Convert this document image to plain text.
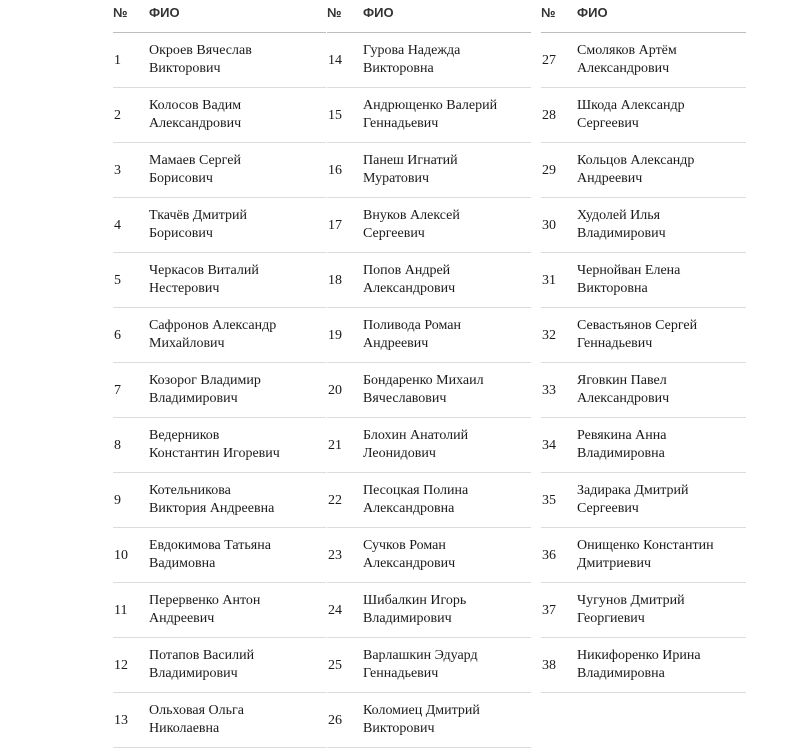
№ ФИО
1
Окроев Вячеслав
Викторович
2
Колосов Вадим
Александрович
3
Мамаев Сергей
Борисович
4
Ткачёв Дмитрий
Борисович
5
Черкасов Виталий
Нестерович
6
Сафронов Александр
Михайлович
7
Козорог Владимир
Владимирович
8
Ведерников
Константин Игоревич
9
Котельникова
Виктория Андреевна
10
Евдокимова Татьяна
Вадимовна
11
Перервенко Антон
Андреевич
12
Потапов Василий
Владимирович
13
Ольховая Ольга
Николаевна
№ ФИО
14
Гурова Надежда
Викторовна
15
Андрющенко Валерий
Геннадьевич
16
Панеш Игнатий
Муратович
17
Внуков Алексей
Сергеевич
18
Попов Андрей
Александрович
19
Поливода Роман
Андреевич
20
Бондаренко Михаил
Вячеславович
21
Блохин Анатолий
Леонидович
22
Песоцкая Полина
Александровна
23
Сучков Роман
Александрович
24
Шибалкин Игорь
Владимирович
25
Варлашкин Эдуард
Геннадьевич
26
Коломиец Дмитрий
Викторович
№ ФИО
27
Смоляков Артём
Александрович
28
Шкода Александр
Сергеевич
29
Кольцов Александр
Андреевич
30
Худолей Илья
Владимирович
31
Чернойван Елена
Викторовна
32
Севастьянов Сергей
Геннадьевич
33
Яговкин Павел
Александрович
34
Ревякина Анна
Владимировна
35
Задирака Дмитрий
Сергеевич
36
Онищенко Константин
Дмитриевич
37
Чугунов Дмитрий
Георгиевич
38
Никифоренко Ирина
Владимировна
